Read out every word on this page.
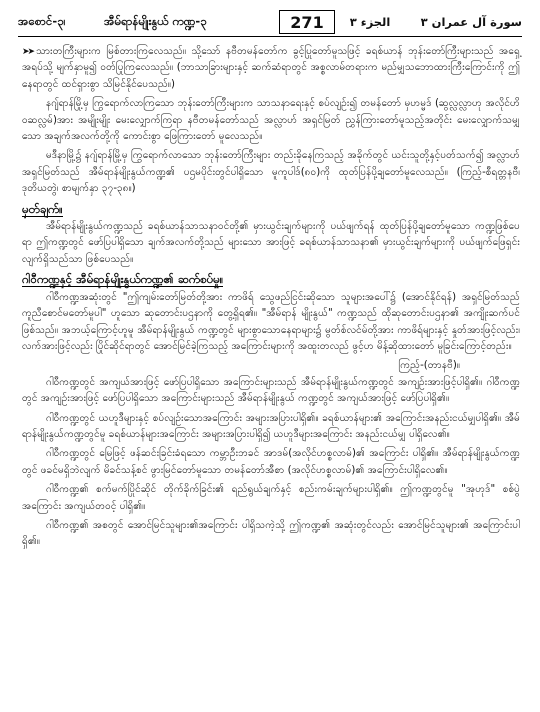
အစောင်-၃၊	အီမ်ရာန်မျိုးနွယ် ကဏ္ဍ-၃	271	الجزء ٣	سورة آل عمران ٣

➤➤ သားတကြီးများက မြစ်တားကြလေသည်။ သို့သော် နဗီတမန်တော်က ခွင့်ပြုတော်မူသဖြင့် ခရစ်ယာန် ဘုန်းတော်ကြီးများသည် အရှေ့အရပ်သို့ မျက်နှာမူ၍ ဝတ်ပြုကြလေသည်။ (ဘာသာခြားများနှင့် ဆက်ဆံရာတွင် အစ္စလာမ်တရားက မည်မျှသဘောထားကြီးကြောင်းကို ဤနေရာတွင် ထင်ရှားစွာ သိမြင်နိုင်ပေသည်။)

နဂျ်ရာန်မြို့မှ ကြွရောက်လာကြသော ဘုန်းတော်ကြီးများက သာသနာရေးနှင့် စပ်လျဉ်း၍ တမန်တော် မှဟမ္မဒ် (ဆွလ္လလ္လာဟု အလိုင်ဟိဝဆလ္လမ်)အား အမျိုးမျိုး မေးလျှောက်ကြရာ နဗီတမန်တော်သည် အလ္လာဟ် အရှင်မြတ် ညွှန်ကြားတော်မူသည့်အတိုင်း မေးလျှောက်သမျှသော အချက်အလက်တို့ကို ကောင်းစွာ ဖြေကြားတော် မူလေသည်။

မဒီနာမြို့၌ နဂျ်ရာန်မြို့မှ ကြွရောက်လာသော ဘုန်းတော်ကြီးများ တည်းခိုနေကြသည့် အခိုက်တွင် ယင်းသူတို့နှင့်ပတ်သက်၍ အလ္လာဟ်အရှင်မြတ်သည် အီမ်ရာန်မျိုးနွယ်ကဏ္ဍ၏ ပဌမပိုင်းတွင်ပါရှိသော မူကူပါဒ်(၈၀)ကို ထုတ်ပြန်ပို့ချတော်မူလေသည်။ (ကြည့်-စီရတ္တနဗီ၊ ဒုတိယတွဲ၊ စာမျက်နှာ ၃၇-၃၈။)

မှတ်ချက်။

အီမ်ရာန်မျိုးနွယ်ကဏ္ဍသည် ခရစ်ယာန်သာသနာဝင်တို့၏ မှားယွင်းချက်များကို ပယ်ဖျက်ရန် ထုတ်ပြန်ပို့ချတော်မူသော ကဏ္ဍဖြစ်ပေရာ ဤကဏ္ဍတွင် ဖော်ပြပါရှိသော ချက်အလက်တို့သည် များသော အားဖြင့် ခရစ်ယာန်သာသနာ၏ မှားယွင်းချက်များကို ပယ်ဖျက်ဖြေရှင်းလျက်ရှိသည်သာ ဖြစ်ပေသည်။

ဂါဝီကဏ္ဍနှင့် အီမ်ရာန်မျိုးနွယ်ကဏ္ဍ၏ ဆက်စပ်မှု။

ဂါဝီကဏ္ဍအဆုံးတွင် "ဤကျမ်းတော်မြတ်တို့အား ကာဖိရ် သွေဖည်ငြင်းဆိုသော သူများအပေါ်၌ (အောင်နိုင်ရန်) အရှင်မြတ်သည် ကူညီစောင်မတော်မူပါ" ဟူသော ဆုတောင်းပဌနာကို တွေ့ရှိရ၏။ "အီမ်ရာန် မျိုးနွယ်" ကဏ္ဍသည် ထိုဆုတောင်းပဌနာ၏ အကျိုးဆက်ပင်ဖြစ်သည်။ အဘယ့်ကြောင့်ဟူမူ အီမ်ရာန်မျိုးနွယ် ကဏ္ဍတွင် များစွာသောနေရာများ၌ မွတ်စ်လင်မ်တို့အား ကာဖိရ်များနှင့် နှုတ်အားဖြင့်လည်း၊ လက်အားဖြင့်လည်း ပြိုင်ဆိုင်ရာတွင် အောင်မြင်ခဲ့ကြသည့် အကြောင်းများကို အထူးတလည် ဖွင့်ဟ မိန့်ဆိုထားတော် မူခြင်းကြောင့်တည်း။

ကြည့်-(တာနဗီ)။

ဂါဝီကဏ္ဍတွင် အကျယ်အားဖြင့် ဖော်ပြပါရှိသော အကြောင်းများသည် အီမ်ရာန်မျိုးနွယ်ကဏ္ဍတွင် အကျဉ်းအားဖြင့်ပါရှိ၏။ ဂါဝီကဏ္ဍတွင် အကျဉ်းအားဖြင့် ဖော်ပြပါရှိသော အကြောင်းများသည် အီမ်ရာန်မျိုးနွယ် ကဏ္ဍတွင် အကျယ်အားဖြင့် ဖော်ပြပါရှိ၏။

ဂါဝီကဏ္ဍတွင် ယဟူဒီများနှင့် စပ်လျဉ်းသောအကြောင်း အများအပြားပါရှိ၏။ ခရစ်ယာန်များ၏ အကြောင်းအနည်းငယ်မျှပါရှိ၏။ အီမ်ရာန်မျိုးနွယ်ကဏ္ဍတွင်မူ ခရစ်ယာန်များအကြောင်း အများအပြားပါရှိ၍ ယဟူဒီများအကြောင်း အနည်းငယ်မျှ ပါရှိလေ၏။

ဂါဝီကဏ္ဍတွင် မြေဖြင့် ဖန်ဆင်းခြင်းခံရသော ကမ္ဘာဦးဘခင် အာဒမ်(အလိုင်ဟစ္စလာမ်)၏ အကြောင်း ပါရှိ၏။ အီမ်ရာန်မျိုးနွယ်ကဏ္ဍတွင် ဖခင်မရှိဘဲလျက် မိခင်သန့်စင် ဖွားမြင်တော်မူသော တမန်တော်အီစာ (အလိုင်ဟစ္စလာမ်)၏ အကြောင်းပါရှိလေ၏။

ဂါဝီကဏ္ဍ၏ စက်မက်ပြိုင်ဆိုင် တိုက်ခိုက်ခြင်း၏ ရည်ရွယ်ချက်နှင့် စည်းကမ်းချက်များပါရှိ၏။ ဤကဏ္ဍတွင်မူ "အုဟုဒ်" စစ်ပွဲအကြောင်း အကျယ်တဝင့် ပါရှိ၏။

ဂါဝီကဏ္ဍ၏ အစတွင် အောင်မြင်သူများ၏အကြောင်း ပါရှိသကဲ့သို့ ဤကဏ္ဍ၏ အဆုံးတွင်လည်း အောင်မြင်သူများ၏ အကြောင်းပါရှိ၏။
